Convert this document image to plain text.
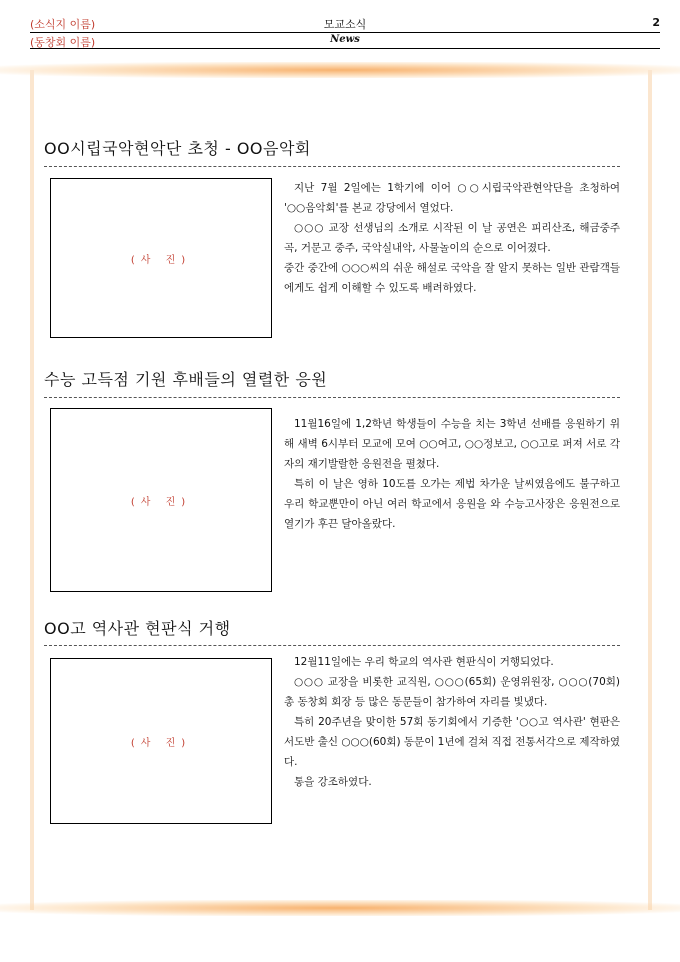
(소식지 이름)	모교소식	2
(동창회 이름)	News
OO시립국악현악단 초청 - OO음악회
(사 진)

지난 7월 2일에는 1학기에 이어 ○○시립국악관현악단을 초청하여 '○○음악회'를 본교 강당에서 열었다.

○○○ 교장 선생님의 소개로 시작된 이 날 공연은 피리산조, 해금중주곡, 거문고 중주, 국악실내악, 사물놀이의 순으로 이어졌다.

중간 중간에 ○○○씨의 쉬운 해설로 국악을 잘 알지 못하는 일반 관람객들에게도 쉽게 이해할 수 있도록 배려하였다.

수능 고득점 기원 후배들의 열렬한 응원
(사 진)

11월16일에 1,2학년 학생들이 수능을 치는 3학년 선배를 응원하기 위해 새벽 6시부터 모교에 모여 ○○여고, ○○정보고, ○○고로 퍼져 서로 각자의 재기발랄한 응원전을 펼쳤다.

특히 이 날은 영하 10도를 오가는 제법 차가운 날씨였음에도 불구하고 우리 학교뿐만이 아닌 여러 학교에서 응원을 와 수능고사장은 응원전으로 열기가 후끈 달아올랐다.

OO고 역사관 현판식 거행
(사 진)

12월11일에는 우리 학교의 역사관 현판식이 거행되었다.

○○○ 교장을 비롯한 교직원, ○○○(65회) 운영위원장, ○○○(70회) 총 동창회 회장 등 많은 동문들이 참가하여 자리를 빛냈다.

특히 20주년을 맞이한 57회 동기회에서 기증한 '○○고 역사관' 현판은 서도반 출신 ○○○(60회) 동문이 1년에 걸쳐 직접 전통서각으로 제작하였다.

통을 강조하였다.
